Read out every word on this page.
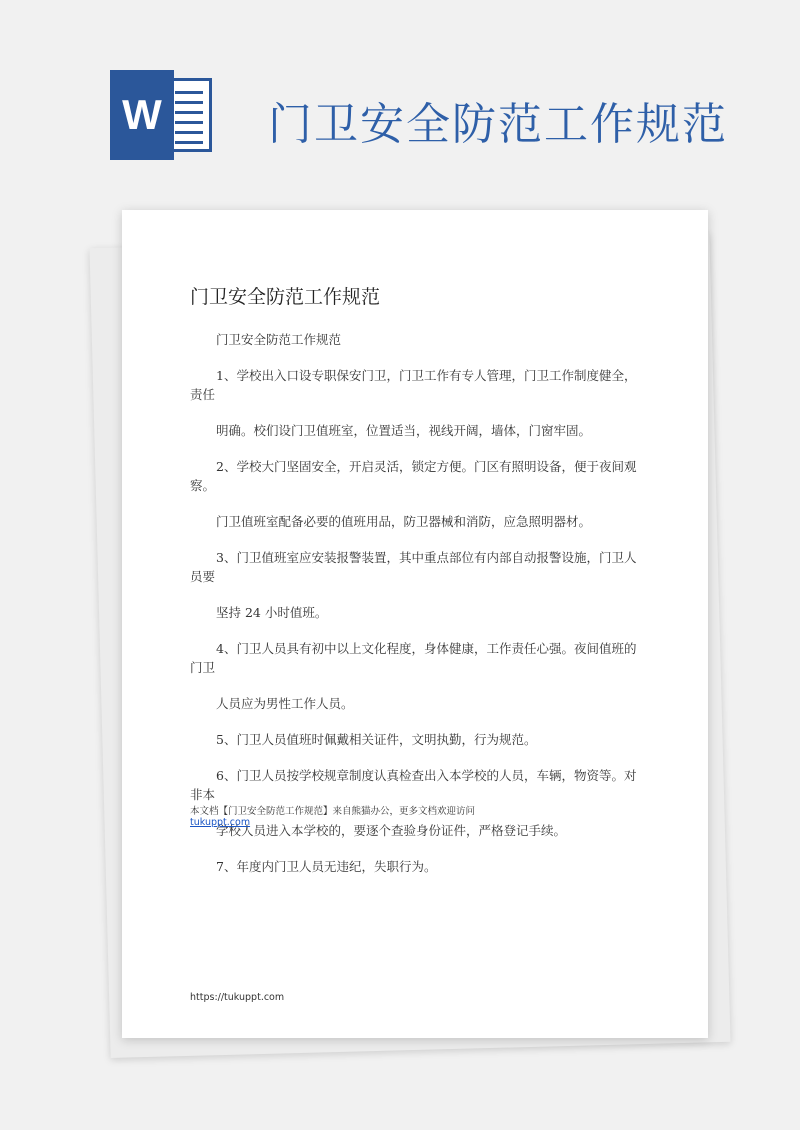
W 门卫安全防范工作规范
门卫安全防范工作规范

门卫安全防范工作规范

1、学校出入口设专职保安门卫，门卫工作有专人管理，门卫工作制度健全，责任

明确。校们设门卫值班室，位置适当，视线开阔，墙体，门窗牢固。

2、学校大门坚固安全，开启灵活，锁定方便。门区有照明设备，便于夜间观察。

门卫值班室配备必要的值班用品，防卫器械和消防，应急照明器材。

3、门卫值班室应安装报警装置，其中重点部位有内部自动报警设施，门卫人员要

坚持 24 小时值班。

4、门卫人员具有初中以上文化程度，身体健康，工作责任心强。夜间值班的门卫

人员应为男性工作人员。

5、门卫人员值班时佩戴相关证件，文明执勤，行为规范。

6、门卫人员按学校规章制度认真检查出入本学校的人员，车辆，物资等。对非本

学校人员进入本学校的，要逐个查验身份证件，严格登记手续。

7、年度内门卫人员无违纪，失职行为。

本文档【门卫安全防范工作规范】来自熊猫办公，更多文档欢迎访问
tukuppt.com
https://tukuppt.com
